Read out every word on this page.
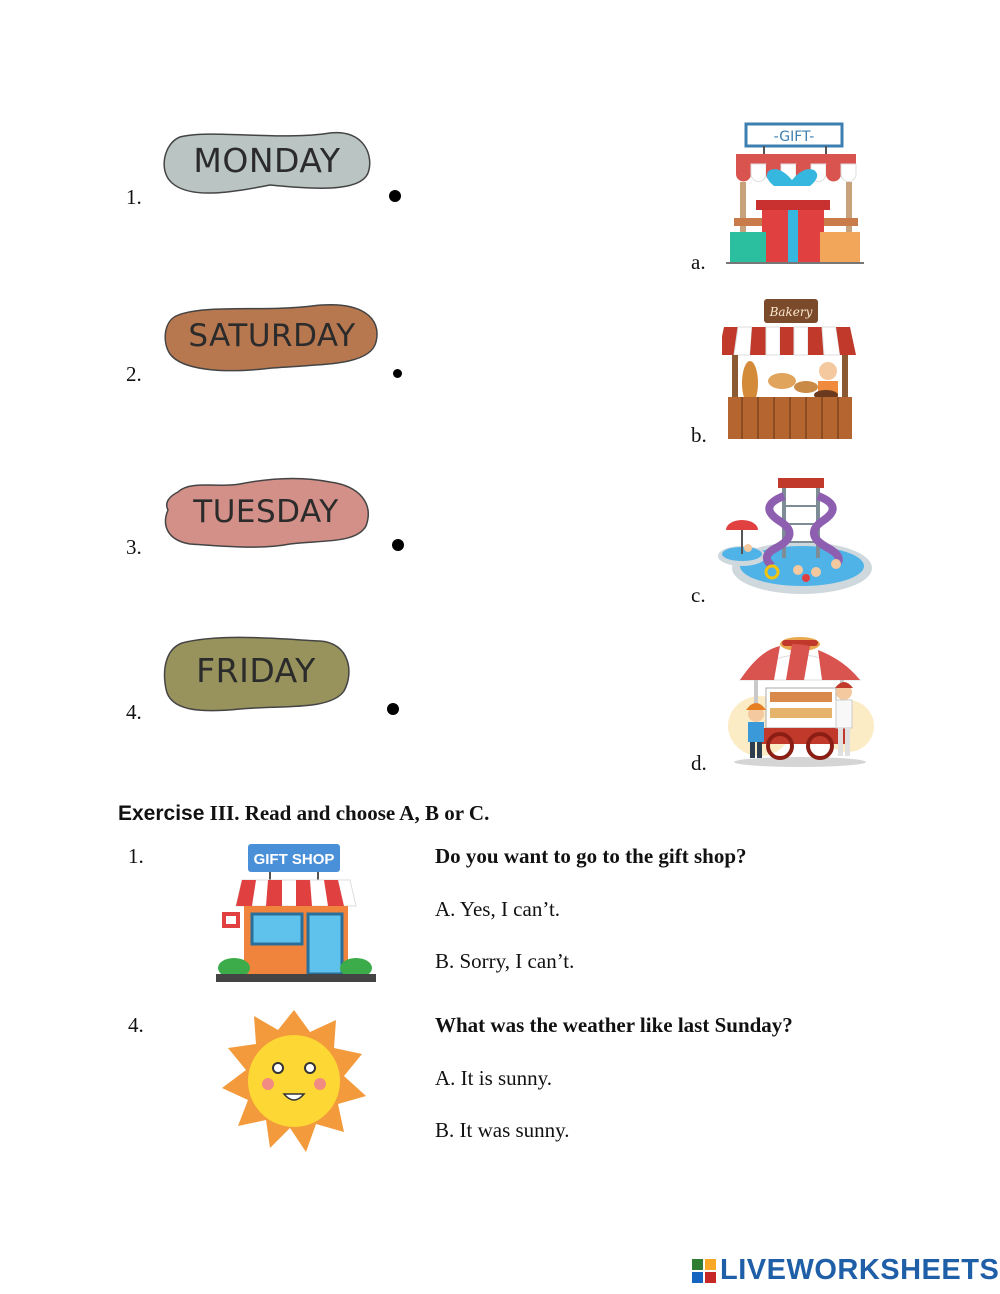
1.
MONDAY
2.
SATURDAY
3.
TUESDAY
4.
FRIDAY
a.
-GIFT-
b.
Bakery
c.
d.
Exercise III. Read and choose A, B or C.
1.	GIFT SHOP	Do you want to go to the gift shop?
A. Yes, I can’t.
B. Sorry, I can’t.
4.	What was the weather like last Sunday?
A. It is sunny.
B. It was sunny.
LIVEWORKSHEETS
